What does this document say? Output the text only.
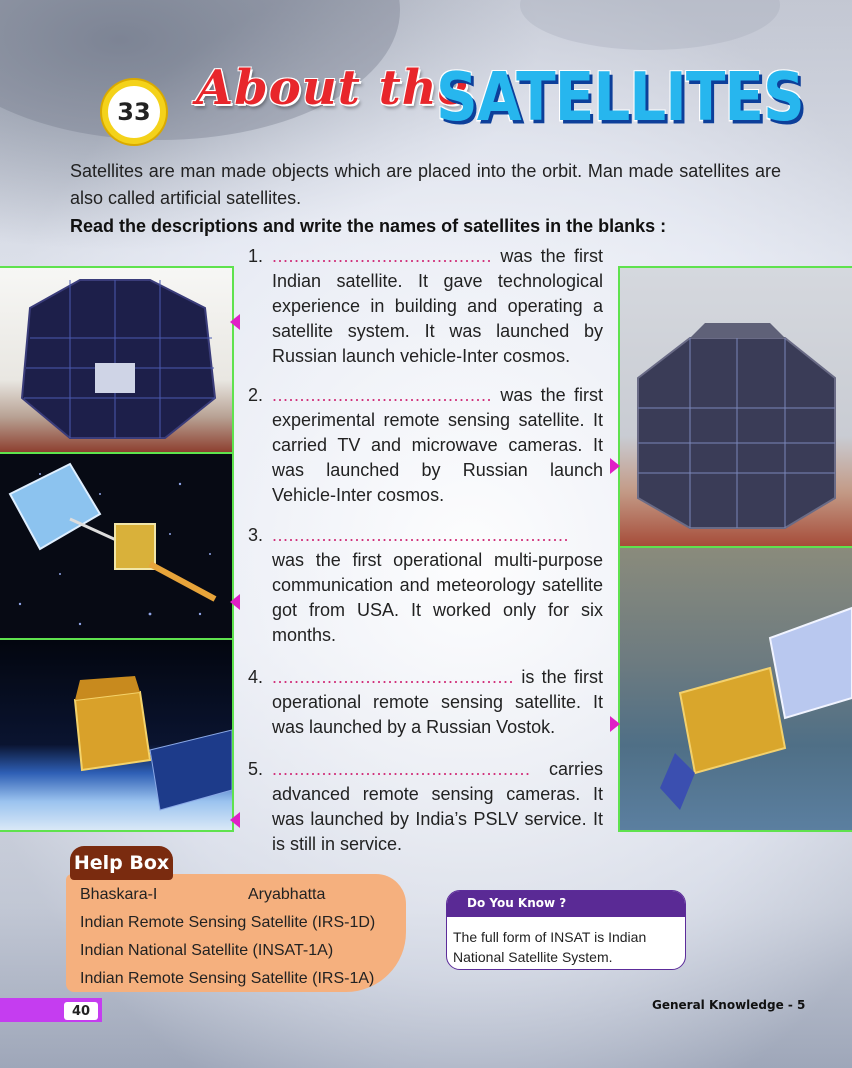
33 About the
SATELLITES
Satellites are man made objects which are placed into the orbit. Man made satellites are also called artificial satellites.
Read the descriptions and write the names of satellites in the blanks :
1. ........................................ was the first Indian satellite. It gave technological experience in building and operating a satellite system. It was launched by Russian launch vehicle-Inter cosmos.
2. ........................................ was the first experimental remote sensing satellite. It carried TV and microwave cameras. It was launched by Russian launch Vehicle-Inter cosmos.
3. ...................................................... was the first operational multi-purpose communication and meteorology satellite got from USA. It worked only for six months.
4. ............................................ is the first operational remote sensing satellite. It was launched by a Russian Vostok.
5. ............................................... carries advanced remote sensing cameras. It was launched by India’s PSLV service. It is still in service.
Help Box
Bhaskara-I	Aryabhatta
Indian Remote Sensing Satellite (IRS-1D)
Indian National Satellite (INSAT-1A)
Indian Remote Sensing Satellite (IRS-1A)
Do You Know ?
The full form of INSAT is Indian National Satellite System.
40	General Knowledge - 5
